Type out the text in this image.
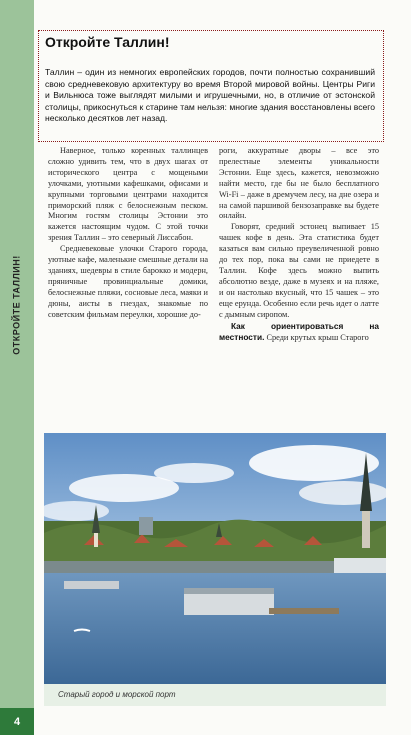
ОТКРОЙТЕ ТАЛЛИН!
4
Откройте Таллин!

Таллин – один из немногих европейских городов, почти полностью сохранивший свою средневековую архитектуру во время Второй мировой войны. Центры Риги и Вильнюса тоже выглядят милыми и игрушечными, но, в отличие от эстонской столицы, прикоснуться к старине там нельзя: многие здания восстановлены всего несколько десятков лет назад.

Наверное, только коренных таллинцев сложно удивить тем, что в двух шагах от исторического центра с мощеными улочками, уютными кафешками, офисами и крупными торговыми центрами находится приморский пляж с белоснежным песком. Многим гостям столицы Эстонии это кажется настоящим чудом. С этой точки зрения Таллин – это северный Лиссабон.

Средневековые улочки Старого города, уютные кафе, маленькие смешные детали на зданиях, шедевры в стиле барокко и модерн, пряничные провинциальные домики, белоснежные пляжи, сосновые леса, маяки и дюны, аисты в гнездах, знакомые по советским фильмам переулки, хорошие до-

роги, аккуратные дворы – все это прелестные элементы уникальности Эстонии. Еще здесь, кажется, невозможно найти место, где бы не было бесплатного Wi-Fi – даже в дремучем лесу, на дне озера и на самой паршивой бензозаправке вы будете онлайн.

Говорят, средний эстонец выпивает 15 чашек кофе в день. Эта статистика будет казаться вам сильно преувеличенной ровно до тех пор, пока вы сами не приедете в Таллин. Кофе здесь можно выпить абсолютно везде, даже в музеях и на пляже, и он настолько вкусный, что 15 чашек – это еще ерунда. Особенно если речь идет о латте с дымным сиропом.

Как ориентироваться на местности. Среди крутых крыш Старого

Старый город и морской порт
